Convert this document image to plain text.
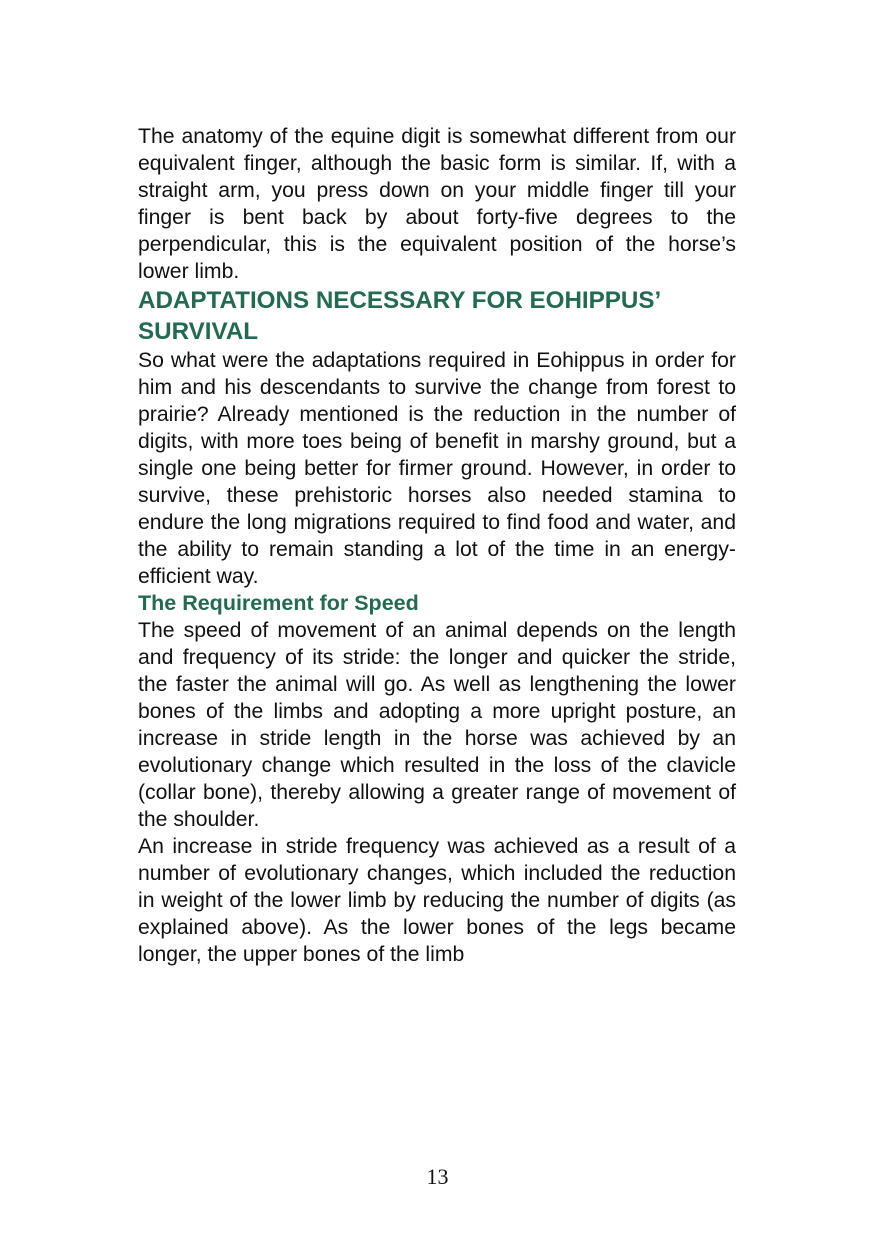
The anatomy of the equine digit is somewhat different from our equivalent finger, although the basic form is similar. If, with a straight arm, you press down on your middle finger till your finger is bent back by about forty-five degrees to the perpendicular, this is the equivalent position of the horse’s lower limb.

ADAPTATIONS NECESSARY FOR EOHIPPUS’ SURVIVAL

So what were the adaptations required in Eohippus in order for him and his descendants to survive the change from forest to prairie? Already mentioned is the reduction in the number of digits, with more toes being of benefit in marshy ground, but a single one being better for firmer ground. However, in order to survive, these prehistoric horses also needed stamina to endure the long migrations required to find food and water, and the ability to remain standing a lot of the time in an energy-efficient way.

The Requirement for Speed

The speed of movement of an animal depends on the length and frequency of its stride: the longer and quicker the stride, the faster the animal will go. As well as lengthening the lower bones of the limbs and adopting a more upright posture, an increase in stride length in the horse was achieved by an evolutionary change which resulted in the loss of the clavicle (collar bone), thereby allowing a greater range of movement of the shoulder.

An increase in stride frequency was achieved as a result of a number of evolutionary changes, which included the reduction in weight of the lower limb by reducing the number of digits (as explained above). As the lower bones of the legs became longer, the upper bones of the limb

13
